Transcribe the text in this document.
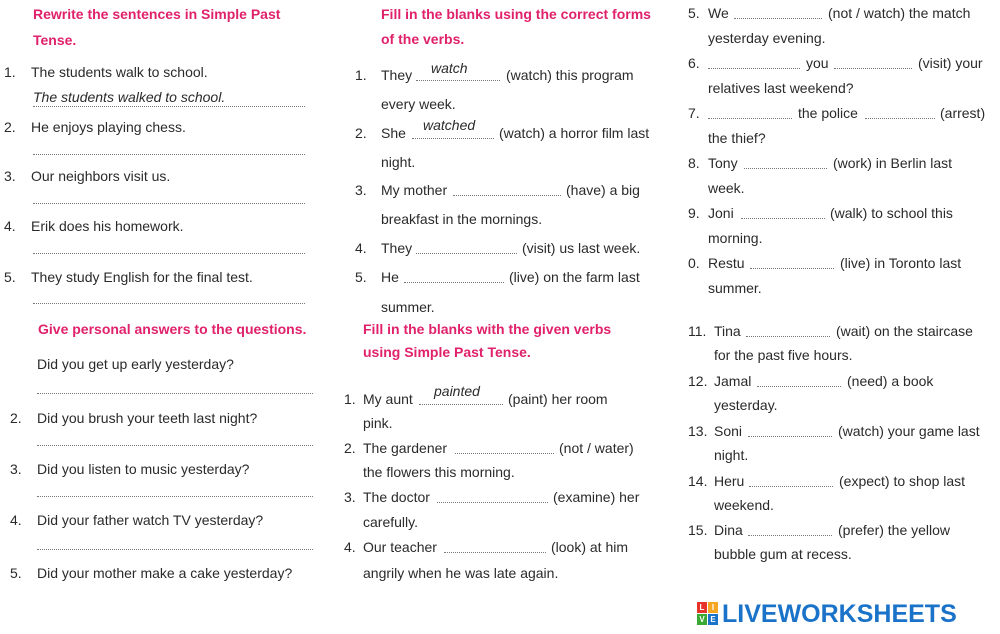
Rewrite the sentences in Simple Past
Tense.
1. The students walk to school.
The students walked to school.
2. He enjoys playing chess.
3. Our neighbors visit us.
4. Erik does his homework.
5. They study English for the final test.
Give personal answers to the questions.
Did you get up early yesterday?
2. Did you brush your teeth last night?
3. Did you listen to music yesterday?
4. Did your father watch TV yesterday?
5. Did your mother make a cake yesterday?
Fill in the blanks using the correct forms
of the verbs.
1. They watch	(watch) this program
every week.
2. She watched (watch) a horror film last
night.
3. My mother	(have) a big
breakfast in the mornings.
4. They	(visit) us last week.
5. He	(live) on the farm last
summer.
Fill in the blanks with the given verbs
using Simple Past Tense.
1. My aunt painted (paint) her room
pink.
2. The gardener	(not / water)
the flowers this morning.
3. The doctor	(examine) her
carefully.
4. Our teacher	(look) at him
angrily when he was late again.
5. We	(not / watch) the match
yesterday evening.
6.	you	(visit) your
relatives last weekend?
7.	the police	(arrest)
the thief?
8. Tony	(work) in Berlin last
week.
9. Joni	(walk) to school this
morning.
0. Restu	(live) in Toronto last
summer.
11. Tina	(wait) on the staircase
for the past five hours.
12. Jamal	(need) a book
yesterday.
13. Soni	(watch) your game last
night.
14. Heru	(expect) to shop last
weekend.
15. Dina	(prefer) the yellow
bubble gum at recess.
L I
V E LIVEWORKSHEETS
